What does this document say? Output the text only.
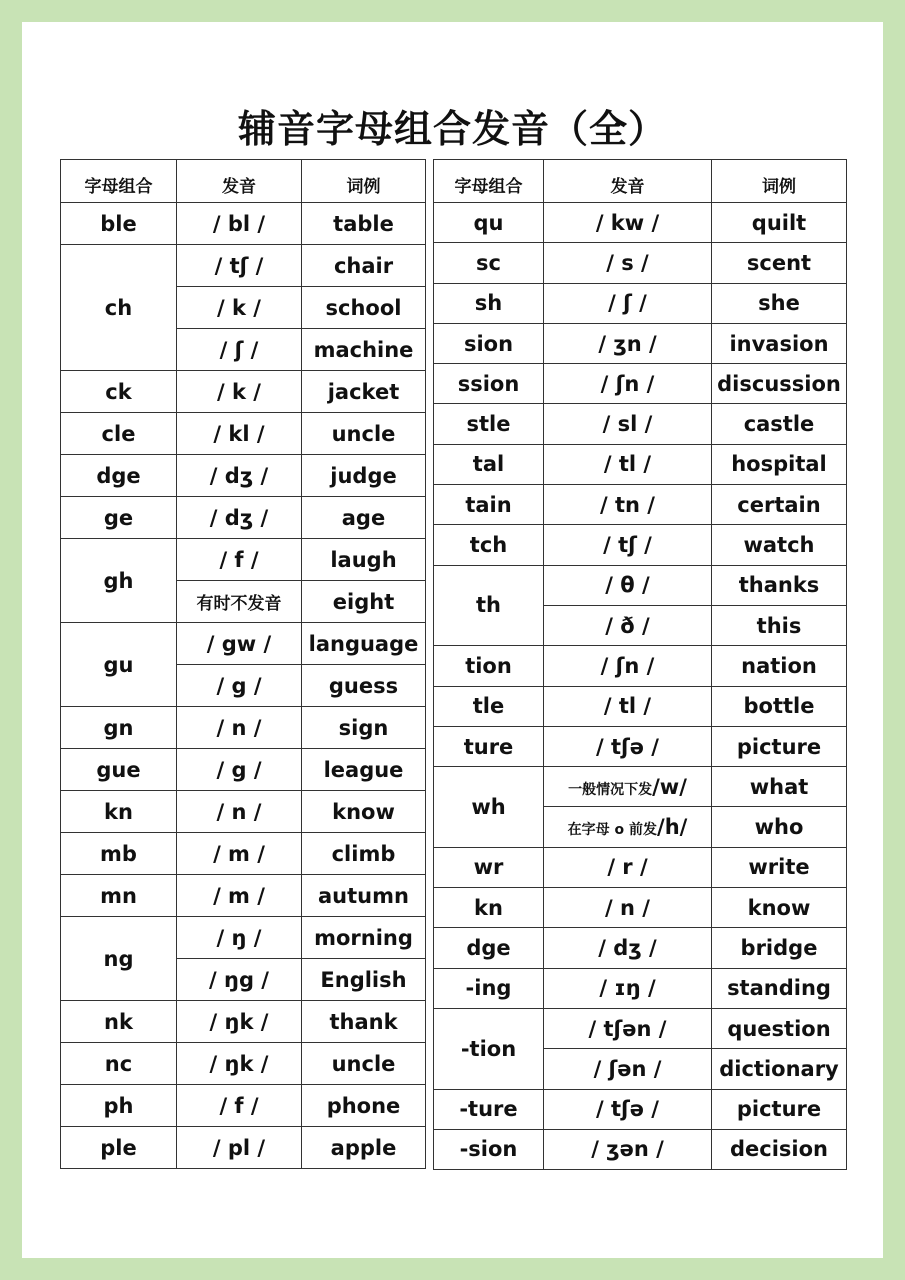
辅音字母组合发音（全）
字母组合	发音	词例
ble	/ bl /	table
ch	/ tʃ /	chair
	/ k /	school
	/ ʃ /	machine
ck	/ k /	jacket
cle	/ kl /	uncle
dge	/ dʒ /	judge
ge	/ dʒ /	age
gh	/ f /	laugh
	有时不发音	eight
gu	/ gw /	language
	/ g /	guess
gn	/ n /	sign
gue	/ g /	league
kn	/ n /	know
mb	/ m /	climb
mn	/ m /	autumn
ng	/ ŋ /	morning
	/ ŋg /	English
nk	/ ŋk /	thank
nc	/ ŋk /	uncle
ph	/ f /	phone
ple	/ pl /	apple
字母组合	发音	词例
qu	/ kw /	quilt
sc	/ s /	scent
sh	/ ʃ /	she
sion	/ ʒn /	invasion
ssion	/ ʃn /	discussion
stle	/ sl /	castle
tal	/ tl /	hospital
tain	/ tn /	certain
tch	/ tʃ /	watch
th	/ θ /	thanks
	/ ð /	this
tion	/ ʃn /	nation
tle	/ tl /	bottle
ture	/ tʃə /	picture
wh	一般情况下发/w/	what
	在字母 o 前发/h/	who
wr	/ r /	write
kn	/ n /	know
dge	/ dʒ /	bridge
-ing	/ ɪŋ /	standing
-tion	/ tʃən /	question
	/ ʃən /	dictionary
-ture	/ tʃə /	picture
-sion	/ ʒən /	decision
